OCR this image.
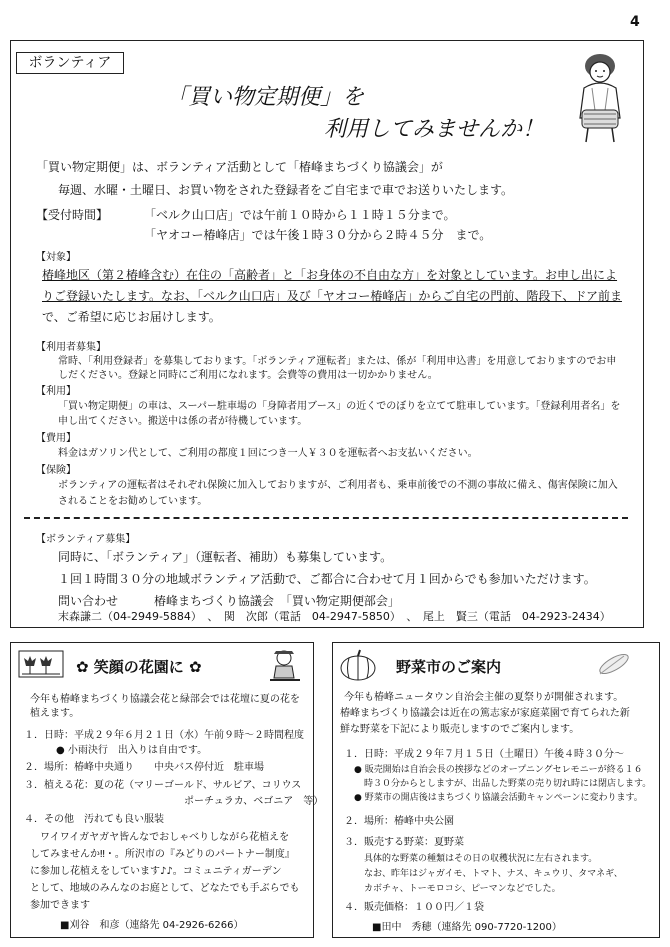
4
ボランティア
「買い物定期便」を
利用してみませんか！
「買い物定期便」は、ボランティア活動として「椿峰まちづくり協議会」が
毎週、水曜・土曜日、お買い物をされた登録者をご自宅まで車でお送りいたします。
【受付時間】	「ベルク山口店」では午前１０時から１１時１５分まで。
「ヤオコー椿峰店」では午後１時３０分から２時４５分　まで。
【対象】
椿峰地区（第２椿峰含む）在住の「高齢者」と「お身体の不自由な方」を対象としています。お申し出によ
りご登録いたします。なお、「ベルク山口店」及び「ヤオコー椿峰店」からご自宅の門前、階段下、ドア前ま
で、ご希望に応じお届けします。
【利用者募集】
常時、「利用登録者」を募集しております。「ボランティア運転者」または、係が「利用申込書」を用意しておりますのでお申
しだください。登録と同時にご利用になれます。会費等の費用は一切かかりません。
【利用】
「買い物定期便」の車は、スーパー駐車場の「身障者用ブース」の近くでのぼりを立てて駐車しています。「登録利用者名」を
申し出てください。搬送中は係の者が待機しています。
【費用】
料金はガソリン代として、ご利用の都度１回につき一人￥３０を運転者へお支払いください。
【保険】
ボランティアの運転者はそれぞれ保険に加入しておりますが、ご利用者も、乗車前後での不測の事故に備え、傷害保険に加入
されることをお勧めしています。
【ボランティア募集】
同時に、「ボランティア」（運転者、補助）も募集しています。
１回１時間３０分の地域ボランティア活動で、ご都合に合わせて月１回からでも参加いただけます。
問い合わせ　　　椿峰まちづくり協議会　「買い物定期便部会」
末森謙二（04-2949-5884）　、　関　次郎（電話　04-2947-5850）　、　尾上　賢三（電話　04-2923-2434）
✿ 笑顔の花園に ✿
今年も椿峰まちづくり協議会花と緑部会では花壇に夏の花を
植えます。
１．日時：平成２９年６月２１日（水）午前９時～２時間程度
● 小雨決行　出入りは自由です。
２．場所：椿峰中央通り　　中央バス停付近　駐車場
３．植える花：夏の花（マリーゴールド、サルビア、コリウス
ポーチュラカ、ベゴニア　等）
４．その他　汚れても良い服装
ワイワイガヤガヤ皆んなでおしゃべりしながら花植えを
してみませんか‼・。所沢市の『みどりのパートナー制度』
に参加し花植えをしています♪♪。コミュニティガーデン
として、地域のみんなのお庭として、どなたでも手ぶらでも
参加できます
■刈谷　和彦（連絡先 04-2926-6266）
野菜市のご案内
今年も椿峰ニュータウン自治会主催の夏祭りが開催されます。
椿峰まちづくり協議会は近在の篤志家が家庭菜園で育てられた新
鮮な野菜を下記により販売しますのでご案内します。
１．日時：平成２９年７月１５日（土曜日）午後４時３０分～
● 販売開始は自治会長の挨拶などのオープニングセレモニーが終る１６
時３０分からとしますが、出品した野菜の売り切れ時には閉店します。
● 野菜市の開店後はまちづくり協議会活動キャンペーンに変わります。
２．場所：椿峰中央公園
３．販売する野菜：夏野菜
具体的な野菜の種類はその日の収穫状況に左右されます。
なお、昨年はジャガイモ、トマト、ナス、キュウリ、タマネギ、
カボチャ、トーモロコシ、ピーマンなどでした。
４．販売価格：１００円／１袋
■田中　秀穂（連絡先 090-7720-1200）
